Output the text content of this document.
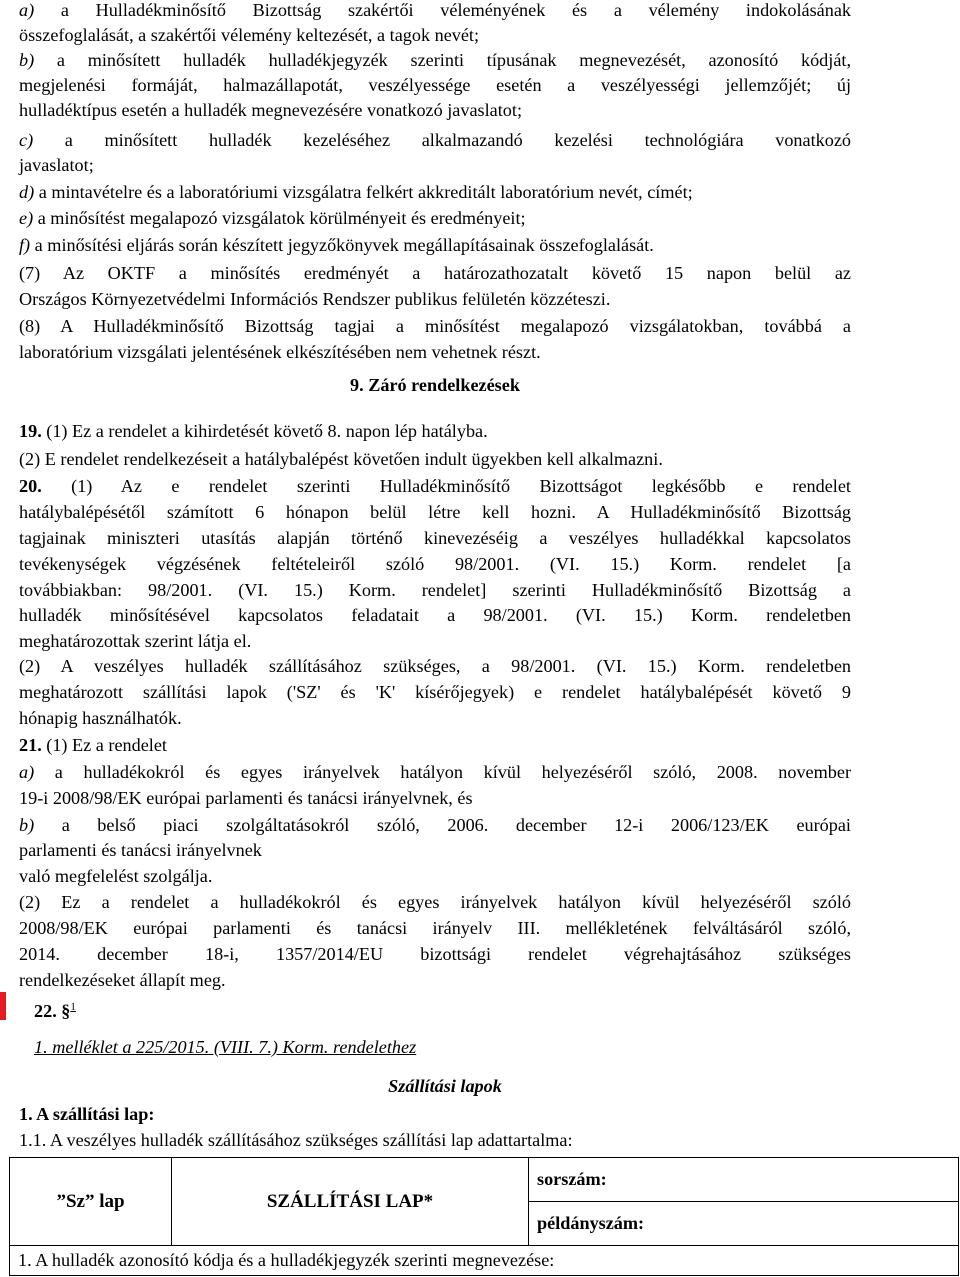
a) a Hulladékminősítő Bizottság szakértői véleményének és a vélemény indokolásának
összefoglalását, a szakértői vélemény keltezését, a tagok nevét;
b) a minősített hulladék hulladékjegyzék szerinti típusának megnevezését, azonosító kódját,
megjelenési formáját, halmazállapotát, veszélyessége esetén a veszélyességi jellemzőjét; új
hulladéktípus esetén a hulladék megnevezésére vonatkozó javaslatot;
c) a minősített hulladék kezeléséhez alkalmazandó kezelési technológiára vonatkozó
javaslatot;
d) a mintavételre és a laboratóriumi vizsgálatra felkért akkreditált laboratórium nevét, címét;
e) a minősítést megalapozó vizsgálatok körülményeit és eredményeit;
f) a minősítési eljárás során készített jegyzőkönyvek megállapításainak összefoglalását.
(7) Az OKTF a minősítés eredményét a határozathozatalt követő 15 napon belül az
Országos Környezetvédelmi Információs Rendszer publikus felületén közzéteszi.
(8) A Hulladékminősítő Bizottság tagjai a minősítést megalapozó vizsgálatokban, továbbá a
laboratórium vizsgálati jelentésének elkészítésében nem vehetnek részt.
9. Záró rendelkezések
19. (1) Ez a rendelet a kihirdetését követő 8. napon lép hatályba.
(2) E rendelet rendelkezéseit a hatálybalépést követően indult ügyekben kell alkalmazni.
20. (1) Az e rendelet szerinti Hulladékminősítő Bizottságot legkésőbb e rendelet
hatálybalépésétől számított 6 hónapon belül létre kell hozni. A Hulladékminősítő Bizottság
tagjainak miniszteri utasítás alapján történő kinevezéséig a veszélyes hulladékkal kapcsolatos
tevékenységek végzésének feltételeiről szóló 98/2001. (VI. 15.) Korm. rendelet [a
továbbiakban: 98/2001. (VI. 15.) Korm. rendelet] szerinti Hulladékminősítő Bizottság a
hulladék minősítésével kapcsolatos feladatait a 98/2001. (VI. 15.) Korm. rendeletben
meghatározottak szerint látja el.
(2) A veszélyes hulladék szállításához szükséges, a 98/2001. (VI. 15.) Korm. rendeletben
meghatározott szállítási lapok ('SZ' és 'K' kísérőjegyek) e rendelet hatálybalépését követő 9
hónapig használhatók.
21. (1) Ez a rendelet
a) a hulladékokról és egyes irányelvek hatályon kívül helyezéséről szóló, 2008. november
19-i 2008/98/EK európai parlamenti és tanácsi irányelvnek, és
b) a belső piaci szolgáltatásokról szóló, 2006. december 12-i 2006/123/EK európai
parlamenti és tanácsi irányelvnek
való megfelelést szolgálja.
(2) Ez a rendelet a hulladékokról és egyes irányelvek hatályon kívül helyezéséről szóló
2008/98/EK európai parlamenti és tanácsi irányelv III. mellékletének felváltásáról szóló,
2014. december 18-i, 1357/2014/EU bizottsági rendelet végrehajtásához szükséges
rendelkezéseket állapít meg.
22. §$^1$
1. melléklet a 225/2015. (VIII. 7.) Korm. rendelethez
Szállítási lapok
1. A szállítási lap:
1.1. A veszélyes hulladék szállításához szükséges szállítási lap adattartalma:
”Sz” lap	SZÁLLÍTÁSI LAP*	sorszám:
példányszám:
1. A hulladék azonosító kódja és a hulladékjegyzék szerinti megnevezése:
